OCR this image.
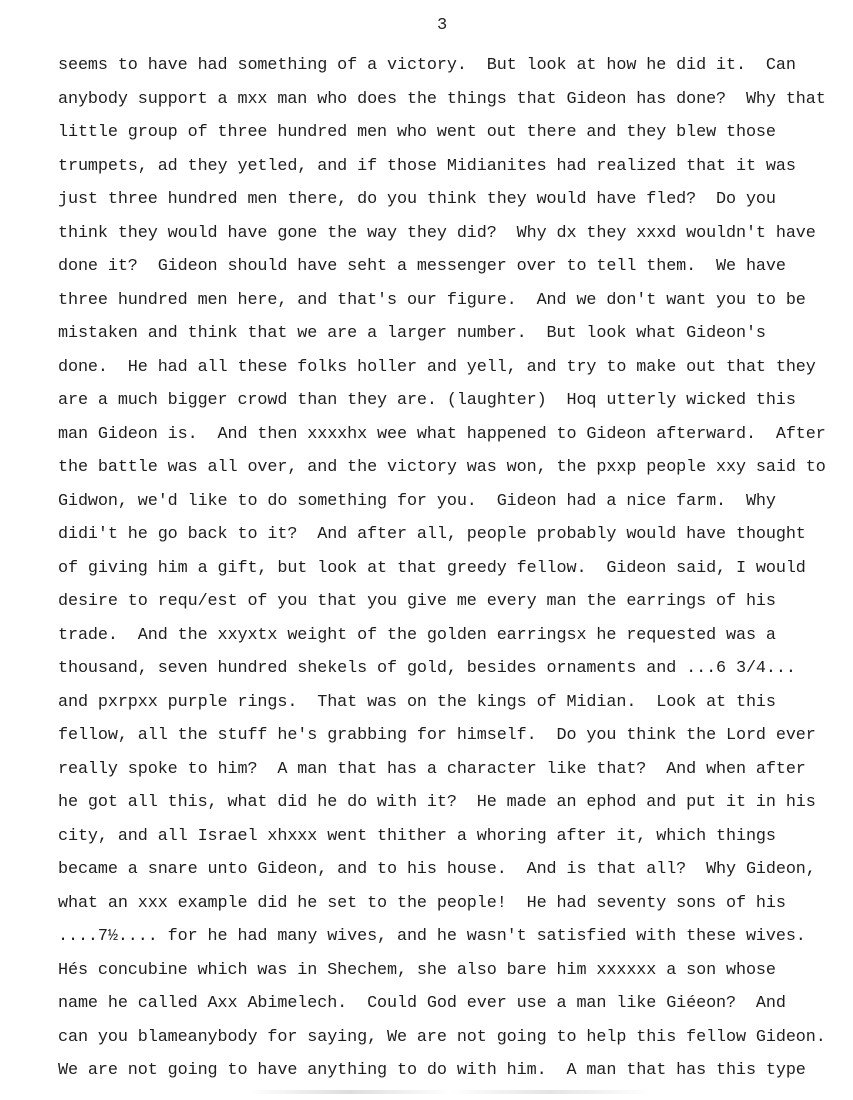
3
seems to have had something of a victory.  But look at how he did it.  Can
anybody support a mxx man who does the things that Gideon has done?  Why that
little group of three hundred men who went out there and they blew those
trumpets, ad they yetled, and if those Midianites had realized that it was
just three hundred men there, do you think they would have fled?  Do you
think they would have gone the way they did?  Why dx they xxxd wouldn't have
done it?  Gideon should have seht a messenger over to tell them.  We have
three hundred men here, and that's our figure.  And we don't want you to be
mistaken and think that we are a larger number.  But look what Gideon's
done.  He had all these folks holler and yell, and try to make out that they
are a much bigger crowd than they are. (laughter)  Hoq utterly wicked this
man Gideon is.  And then xxxxhx wee what happened to Gideon afterward.  After
the battle was all over, and the victory was won, the pxxp people xxy said to
Gidwon, we'd like to do something for you.  Gideon had a nice farm.  Why
didi't he go back to it?  And after all, people probably would have thought
of giving him a gift, but look at that greedy fellow.  Gideon said, I would
desire to requ/est of you that you give me every man the earrings of his
trade.  And the xxyxtx weight of the golden earringsx he requested was a
thousand, seven hundred shekels of gold, besides ornaments and ...6 3/4...
and pxrpxx purple rings.  That was on the kings of Midian.  Look at this
fellow, all the stuff he's grabbing for himself.  Do you think the Lord ever
really spoke to him?  A man that has a character like that?  And when after
he got all this, what did he do with it?  He made an ephod and put it in his
city, and all Israel xhxxx went thither a whoring after it, which things
became a snare unto Gideon, and to his house.  And is that all?  Why Gideon,
what an xxx example did he set to the people!  He had seventy sons of his
....7½.... for he had many wives, and he wasn't satisfied with these wives.
Hés concubine which was in Shechem, she also bare him xxxxxx a son whose
name he called Axx Abimelech.  Could God ever use a man like Giéeon?  And
can you blameanybody for saying, We are not going to help this fellow Gideon.
We are not going to have anything to do with him.  A man that has this type
